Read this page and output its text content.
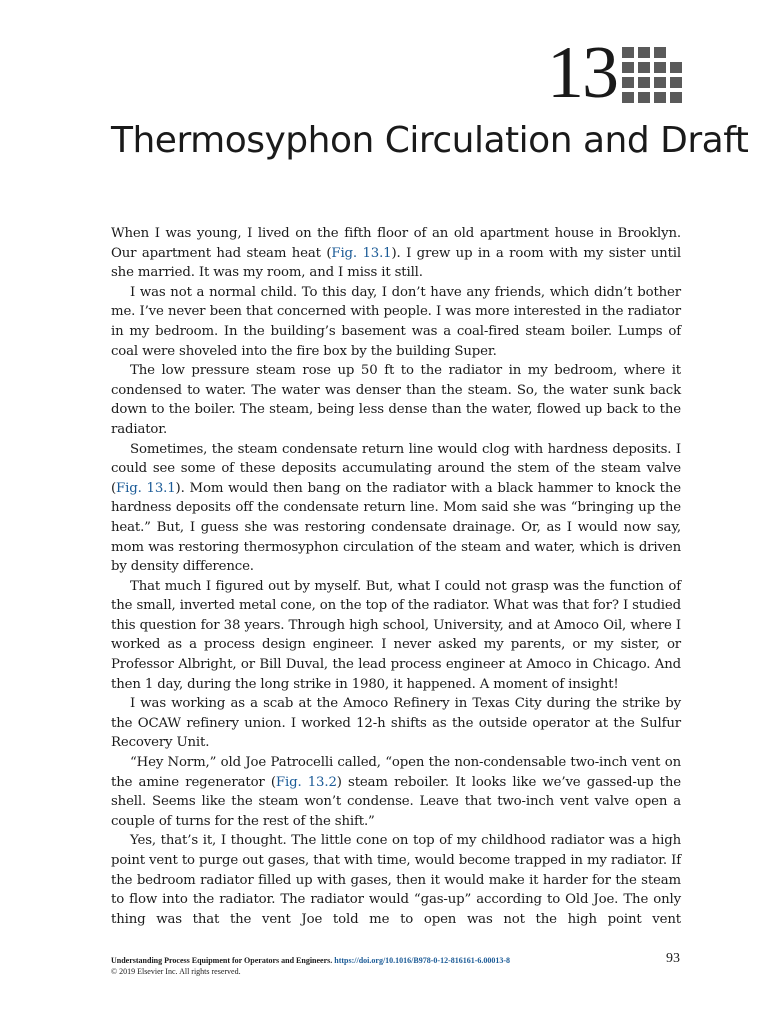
13
Thermosyphon Circulation and Draft

When I was young, I lived on the fifth floor of an old apartment house in Brooklyn. Our apartment had steam heat (Fig. 13.1). I grew up in a room with my sister until she married. It was my room, and I miss it still.

I was not a normal child. To this day, I don’t have any friends, which didn’t bother me. I’ve never been that concerned with people. I was more interested in the radiator in my bedroom. In the building’s basement was a coal-fired steam boiler. Lumps of coal were shoveled into the fire box by the building Super.

The low pressure steam rose up 50 ft to the radiator in my bedroom, where it condensed to water. The water was denser than the steam. So, the water sunk back down to the boiler. The steam, being less dense than the water, flowed up back to the radiator.

Sometimes, the steam condensate return line would clog with hardness deposits. I could see some of these deposits accumulating around the stem of the steam valve (Fig. 13.1). Mom would then bang on the radiator with a black hammer to knock the hardness deposits off the condensate return line. Mom said she was “bringing up the heat.” But, I guess she was restoring condensate drainage. Or, as I would now say, mom was restoring thermosyphon circulation of the steam and water, which is driven by density difference.

That much I figured out by myself. But, what I could not grasp was the function of the small, inverted metal cone, on the top of the radiator. What was that for? I studied this question for 38 years. Through high school, University, and at Amoco Oil, where I worked as a process design engineer. I never asked my parents, or my sister, or Professor Albright, or Bill Duval, the lead process engineer at Amoco in Chicago. And then 1 day, during the long strike in 1980, it happened. A moment of insight!

I was working as a scab at the Amoco Refinery in Texas City during the strike by the OCAW refinery union. I worked 12-h shifts as the outside operator at the Sulfur Recovery Unit.

“Hey Norm,” old Joe Patrocelli called, “open the non-condensable two-inch vent on the amine regenerator (Fig. 13.2) steam reboiler. It looks like we’ve gassed-up the shell. Seems like the steam won’t condense. Leave that two-inch vent valve open a couple of turns for the rest of the shift.”

Yes, that’s it, I thought. The little cone on top of my childhood radiator was a high point vent to purge out gases, that with time, would become trapped in my radiator. If the bedroom radiator filled up with gases, then it would make it harder for the steam to flow into the radiator. The radiator would “gas-up” according to Old Joe. The only thing was that the vent Joe told me to open was not the high point vent

Understanding Process Equipment for Operators and Engineers. https://doi.org/10.1016/B978-0-12-816161-6.00013-8
© 2019 Elsevier Inc. All rights reserved.
93
